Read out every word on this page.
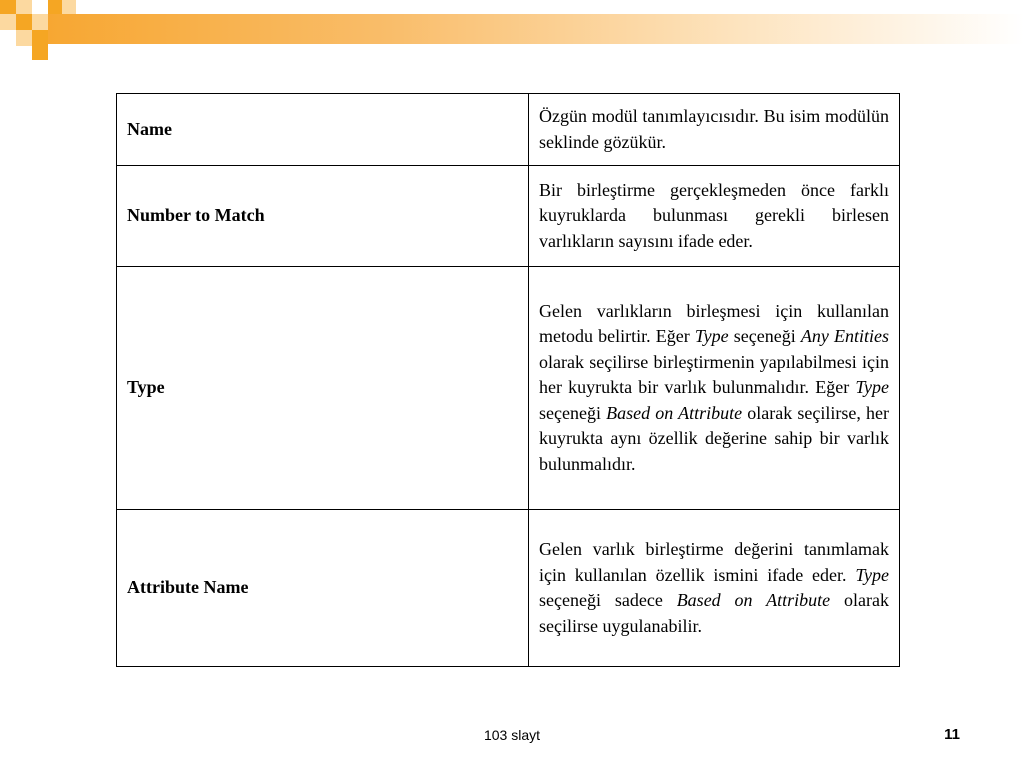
Name	Özgün modül tanımlayıcısıdır. Bu isim modülün seklinde gözükür.
Number to Match	Bir birleştirme gerçekleşmeden önce farklı kuyruklarda bulunması gerekli birlesen varlıkların sayısını ifade eder.
Type	Gelen varlıkların birleşmesi için kullanılan metodu belirtir. Eğer Type seçeneği Any Entities olarak seçilirse birleştirmenin yapılabilmesi için her kuyrukta bir varlık bulunmalıdır. Eğer Type seçeneği Based on Attribute olarak seçilirse, her kuyrukta aynı özellik değerine sahip bir varlık bulunmalıdır.
Attribute Name	Gelen varlık birleştirme değerini tanımlamak için kullanılan özellik ismini ifade eder. Type seçeneği sadece Based on Attribute olarak seçilirse uygulanabilir.
103 slayt	11
